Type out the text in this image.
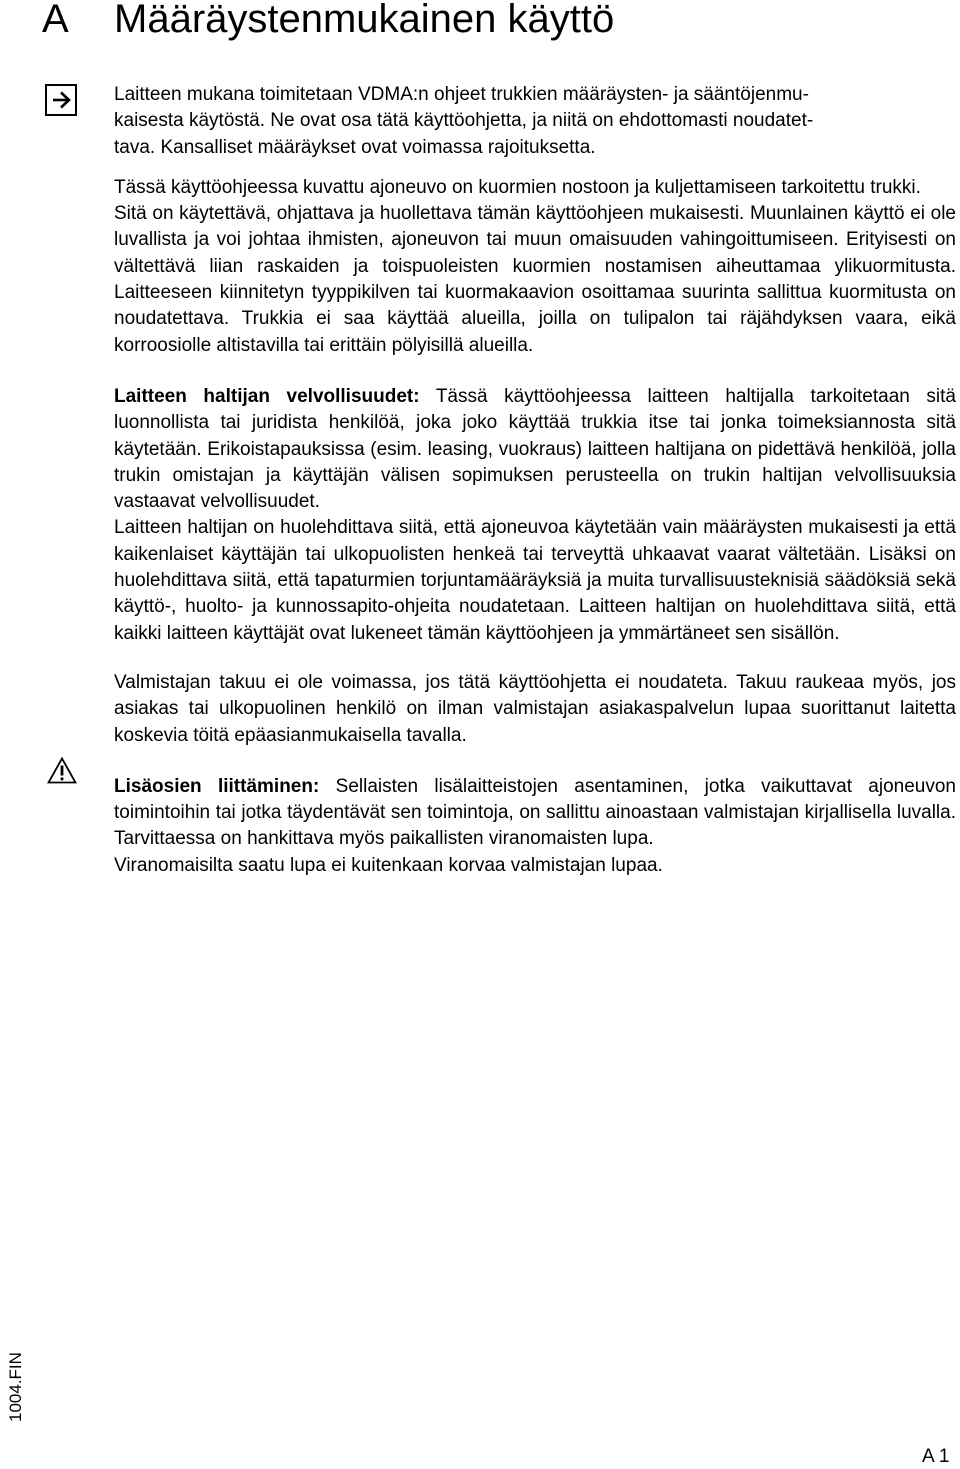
A Määräystenmukainen käyttö

Laitteen mukana toimitetaan VDMA:n ohjeet trukkien määräysten- ja sääntöjenmu-

kaisesta käytöstä. Ne ovat osa tätä käyttöohjetta, ja niitä on ehdottomasti noudatet-

tava. Kansalliset määräykset ovat voimassa rajoituksetta.

Tässä käyttöohjeessa kuvattu ajoneuvo on kuormien nostoon ja kuljettamiseen tarkoitettu trukki.

Sitä on käytettävä, ohjattava ja huollettava tämän käyttöohjeen mukaisesti. Muunlainen käyttö ei ole luvallista ja voi johtaa ihmisten, ajoneuvon tai muun omaisuuden vahingoittumiseen. Erityisesti on vältettävä liian raskaiden ja toispuoleisten kuormien nostamisen aiheuttamaa ylikuormitusta. Laitteeseen kiinnitetyn tyyppikilven tai kuormakaavion osoittamaa suurinta sallittua kuormitusta on noudatettava. Trukkia ei saa käyttää alueilla, joilla on tulipalon tai räjähdyksen vaara, eikä korroosiolle altistavilla tai erittäin pölyisillä alueilla.

Laitteen haltijan velvollisuudet: Tässä käyttöohjeessa laitteen haltijalla tarkoitetaan sitä luonnollista tai juridista henkilöä, joka joko käyttää trukkia itse tai jonka toimeksiannosta sitä käytetään. Erikoistapauksissa (esim. leasing, vuokraus) laitteen haltijana on pidettävä henkilöä, jolla trukin omistajan ja käyttäjän välisen sopimuksen perusteella on trukin haltijan velvollisuuksia vastaavat velvollisuudet.

Laitteen haltijan on huolehdittava siitä, että ajoneuvoa käytetään vain määräysten mukaisesti ja että kaikenlaiset käyttäjän tai ulkopuolisten henkeä tai terveyttä uhkaavat vaarat vältetään. Lisäksi on huolehdittava siitä, että tapaturmien torjuntamääräyksiä ja muita turvallisuusteknisiä säädöksiä sekä käyttö-, huolto- ja kunnossapito-ohjeita noudatetaan. Laitteen haltijan on huolehdittava siitä, että kaikki laitteen käyttäjät ovat lukeneet tämän käyttöohjeen ja ymmärtäneet sen sisällön.

Valmistajan takuu ei ole voimassa, jos tätä käyttöohjetta ei noudateta. Takuu raukeaa myös, jos asiakas tai ulkopuolinen henkilö on ilman valmistajan asiakaspalvelun lupaa suorittanut laitetta koskevia töitä epäasianmukaisella tavalla.

Lisäosien liittäminen: Sellaisten lisälaitteistojen asentaminen, jotka vaikuttavat ajoneuvon toimintoihin tai jotka täydentävät sen toimintoja, on sallittu ainoastaan valmistajan kirjallisella luvalla. Tarvittaessa on hankittava myös paikallisten viranomaisten lupa.

Viranomaisilta saatu lupa ei kuitenkaan korvaa valmistajan lupaa.

1004.FIN
A 1
